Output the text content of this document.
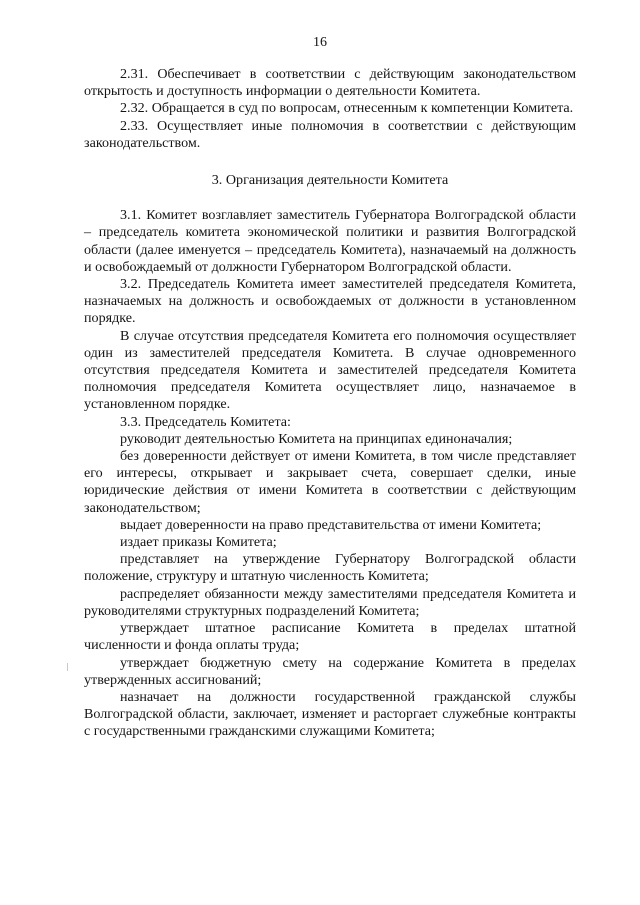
16

2.31. Обеспечивает в соответствии с действующим законодательством открытость и доступность информации о деятельности Комитета.

2.32. Обращается в суд по вопросам, отнесенным к компетенции Комитета.

2.33. Осуществляет иные полномочия в соответствии с действующим законодательством.

3. Организация деятельности Комитета

3.1. Комитет возглавляет заместитель Губернатора Волгоградской области – председатель комитета экономической политики и развития Волгоградской области (далее именуется – председатель Комитета), назначаемый на должность и освобождаемый от должности Губернатором Волгоградской области.

3.2. Председатель Комитета имеет заместителей председателя Комитета, назначаемых на должность и освобождаемых от должности в установленном порядке.

В случае отсутствия председателя Комитета его полномочия осуществляет один из заместителей председателя Комитета. В случае одновременного отсутствия председателя Комитета и заместителей председателя Комитета полномочия председателя Комитета осуществляет лицо, назначаемое в установленном порядке.

3.3. Председатель Комитета:

руководит деятельностью Комитета на принципах единоначалия;

без доверенности действует от имени Комитета, в том числе представляет его интересы, открывает и закрывает счета, совершает сделки, иные юридические действия от имени Комитета в соответствии с действующим законодательством;

выдает доверенности на право представительства от имени Комитета;

издает приказы Комитета;

представляет на утверждение Губернатору Волгоградской области положение, структуру и штатную численность Комитета;

распределяет обязанности между заместителями председателя Комитета и руководителями структурных подразделений Комитета;

утверждает штатное расписание Комитета в пределах штатной численности и фонда оплаты труда;

утверждает бюджетную смету на содержание Комитета в пределах утвержденных ассигнований;

назначает на должности государственной гражданской службы Волгоградской области, заключает, изменяет и расторгает служебные контракты с государственными гражданскими служащими Комитета;
